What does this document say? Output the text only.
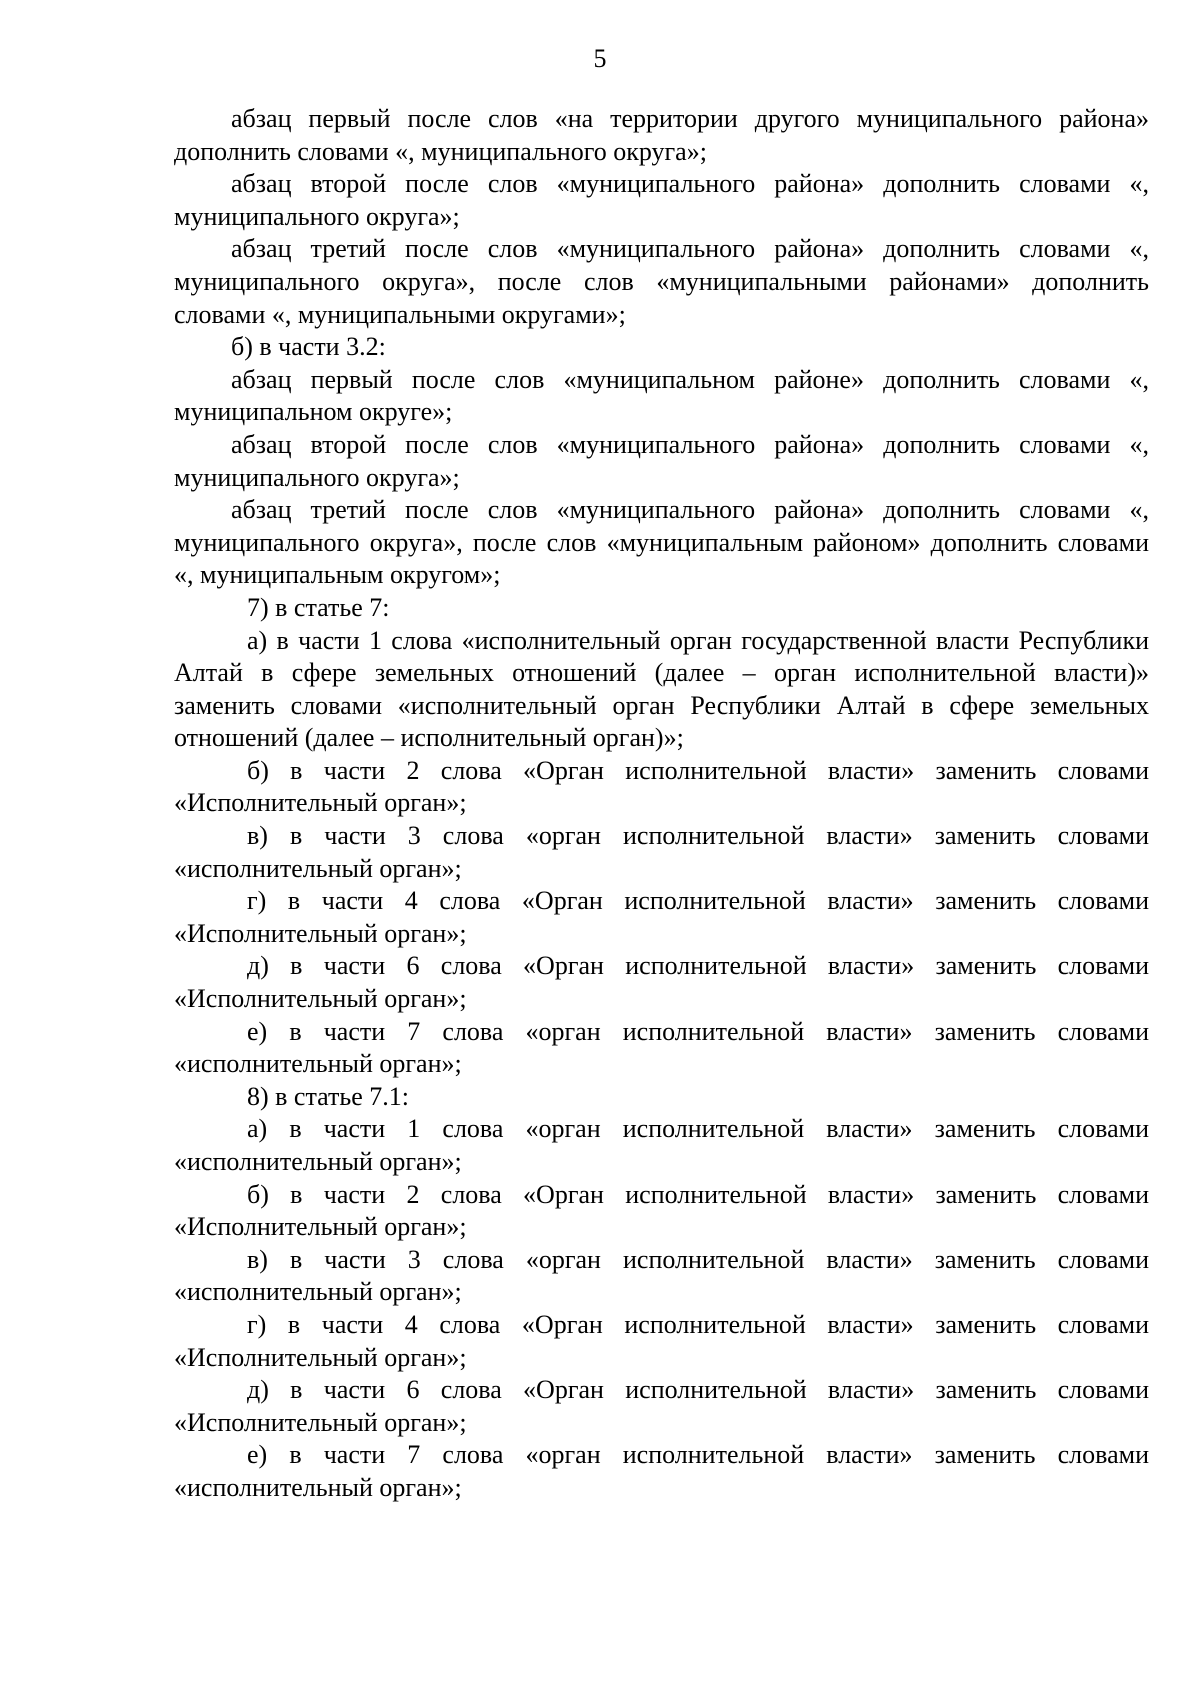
5

абзац первый после слов «на территории другого муниципального района» дополнить словами «, муниципального округа»;

абзац второй после слов «муниципального района» дополнить словами «, муниципального округа»;

абзац третий после слов «муниципального района» дополнить словами «, муниципального округа», после слов «муниципальными районами» дополнить словами «, муниципальными округами»;

б) в части 3.2:

абзац первый после слов «муниципальном районе» дополнить словами «, муниципальном округе»;

абзац второй после слов «муниципального района» дополнить словами «, муниципального округа»;

абзац третий после слов «муниципального района» дополнить словами «, муниципального округа», после слов «муниципальным районом» дополнить словами «, муниципальным округом»;

7) в статье 7:

а) в части 1 слова «исполнительный орган государственной власти Республики Алтай в сфере земельных отношений (далее – орган исполнительной власти)» заменить словами «исполнительный орган Республики Алтай в сфере земельных отношений (далее – исполнительный орган)»;

б) в части 2 слова «Орган исполнительной власти» заменить словами «Исполнительный орган»;

в) в части 3 слова «орган исполнительной власти» заменить словами «исполнительный орган»;

г) в части 4 слова «Орган исполнительной власти» заменить словами «Исполнительный орган»;

д) в части 6 слова «Орган исполнительной власти» заменить словами «Исполнительный орган»;

е) в части 7 слова «орган исполнительной власти» заменить словами «исполнительный орган»;

8) в статье 7.1:

а) в части 1 слова «орган исполнительной власти» заменить словами «исполнительный орган»;

б) в части 2 слова «Орган исполнительной власти» заменить словами «Исполнительный орган»;

в) в части 3 слова «орган исполнительной власти» заменить словами «исполнительный орган»;

г) в части 4 слова «Орган исполнительной власти» заменить словами «Исполнительный орган»;

д) в части 6 слова «Орган исполнительной власти» заменить словами «Исполнительный орган»;

е) в части 7 слова «орган исполнительной власти» заменить словами «исполнительный орган»;
